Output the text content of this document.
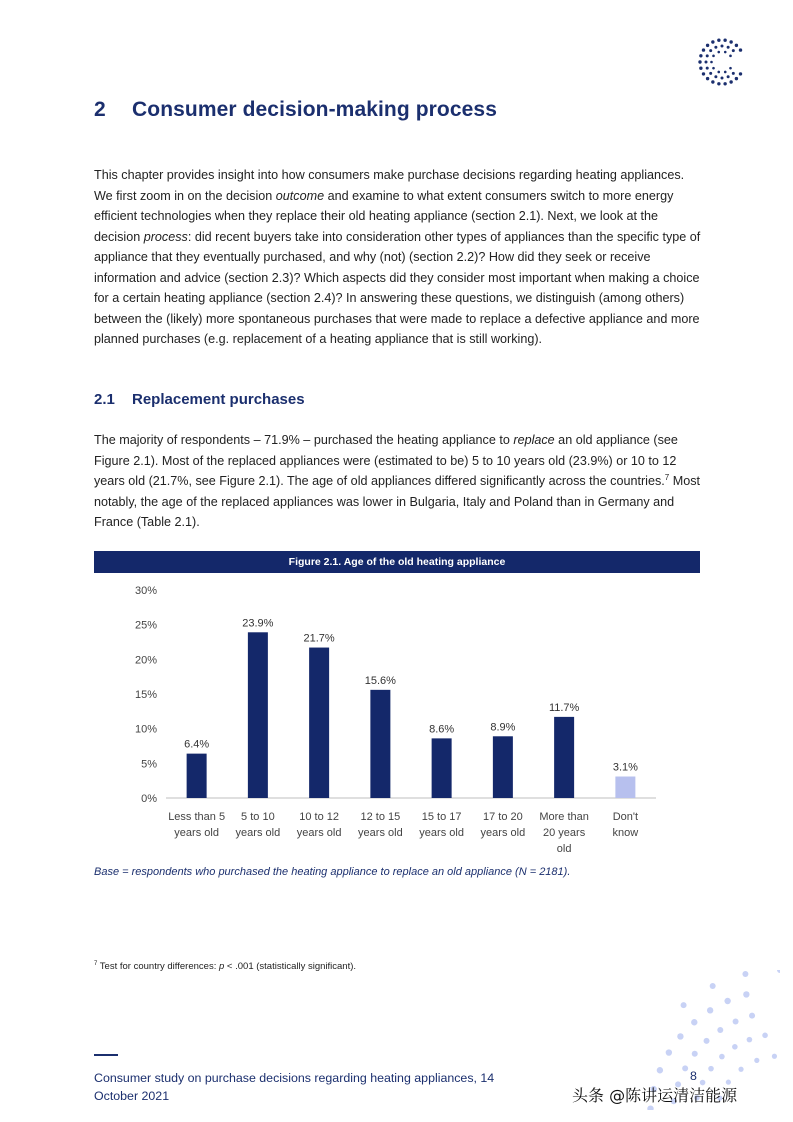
2 Consumer decision-making process

This chapter provides insight into how consumers make purchase decisions regarding heating appliances. We first zoom in on the decision outcome and examine to what extent consumers switch to more energy efficient technologies when they replace their old heating appliance (section 2.1). Next, we look at the decision process: did recent buyers take into consideration other types of appliances than the specific type of appliance that they eventually purchased, and why (not) (section 2.2)? How did they seek or receive information and advice (section 2.3)? Which aspects did they consider most important when making a choice for a certain heating appliance (section 2.4)? In answering these questions, we distinguish (among others) between the (likely) more spontaneous purchases that were made to replace a defective appliance and more planned purchases (e.g. replacement of a heating appliance that is still working).

2.1 Replacement purchases

The majority of respondents – 71.9% – purchased the heating appliance to replace an old appliance (see Figure 2.1). Most of the replaced appliances were (estimated to be) 5 to 10 years old (23.9%) or 10 to 12 years old (21.7%, see Figure 2.1). The age of old appliances differed significantly across the countries.$^7$ Most notably, the age of the replaced appliances was lower in Bulgaria, Italy and Poland than in Germany and France (Table 2.1).

Figure 2.1. Age of the old heating appliance
0%
5%
10%
15%
20%
25%
30%
6.4%
Less than 5 years old
23.9%
5 to 10 years old
21.7%
10 to 12 years old
15.6%
12 to 15 years old
8.6%
15 to 17 years old
8.9%
17 to 20 years old
11.7%
More than 20 years old
3.1%
Don't know

Base = respondents who purchased the heating appliance to replace an old appliance (N = 2181).

$^7$ Test for country differences: p < .001 (statistically significant).

Consumer study on purchase decisions regarding heating appliances, 14 October 2021

8
头条 @陈讲运清洁能源
